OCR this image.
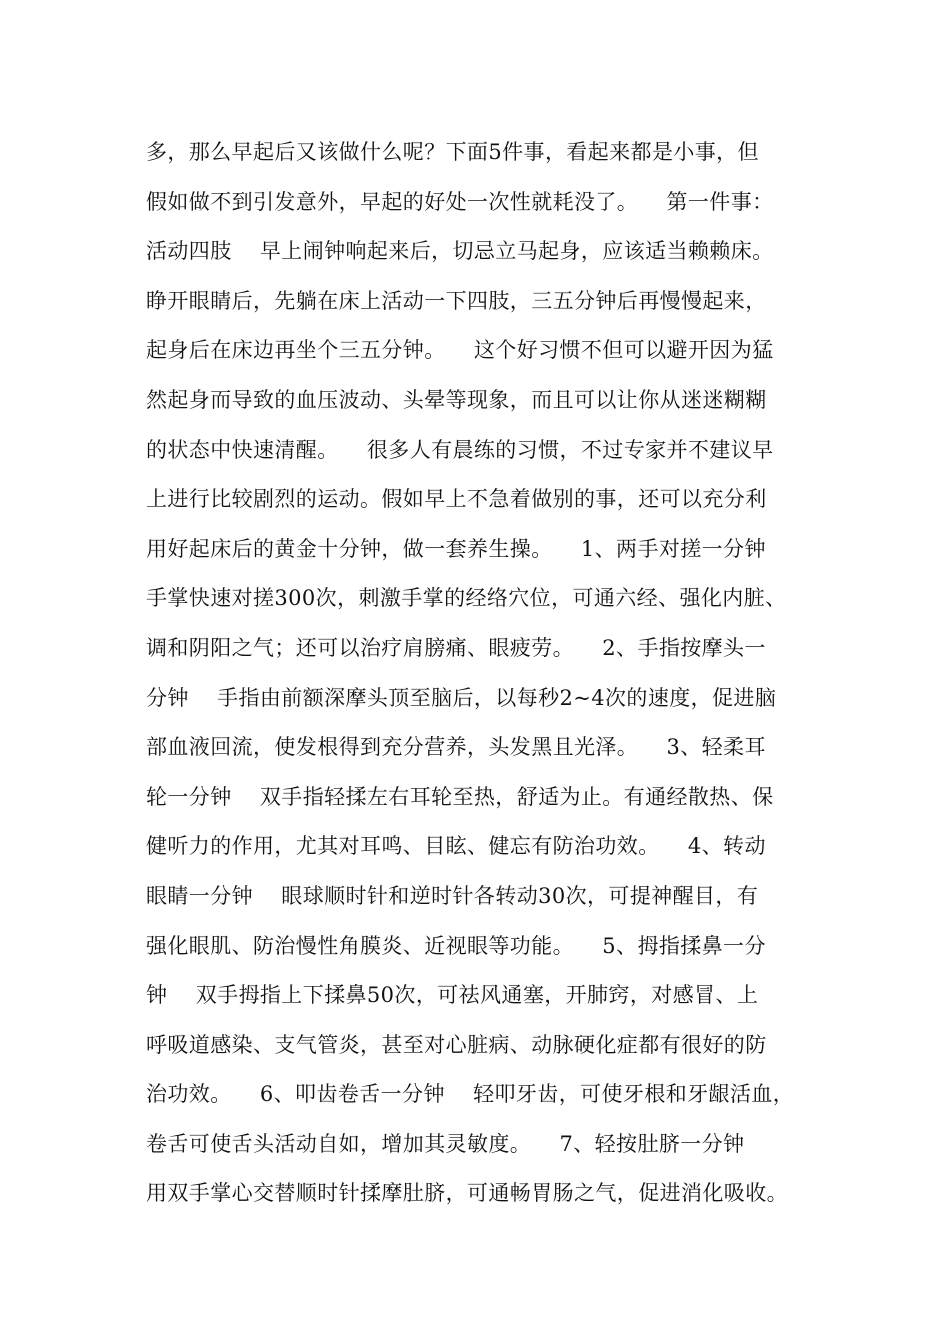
多，那么早起后又该做什么呢？下面5件事，看起来都是小事，但
假如做不到引发意外，早起的好处一次性就耗没了。    第一件事：
活动四肢    早上闹钟响起来后，切忌立马起身，应该适当赖赖床。
睁开眼睛后，先躺在床上活动一下四肢，三五分钟后再慢慢起来，
起身后在床边再坐个三五分钟。    这个好习惯不但可以避开因为猛
然起身而导致的血压波动、头晕等现象，而且可以让你从迷迷糊糊
的状态中快速清醒。    很多人有晨练的习惯，不过专家并不建议早
上进行比较剧烈的运动。假如早上不急着做别的事，还可以充分利
用好起床后的黄金十分钟，做一套养生操。    1、两手对搓一分钟
手掌快速对搓300次，刺激手掌的经络穴位，可通六经、强化内脏、
调和阴阳之气；还可以治疗肩膀痛、眼疲劳。    2、手指按摩头一
分钟    手指由前额深摩头顶至脑后，以每秒2~4次的速度，促进脑
部血液回流，使发根得到充分营养，头发黑且光泽。    3、轻柔耳
轮一分钟    双手指轻揉左右耳轮至热，舒适为止。有通经散热、保
健听力的作用，尤其对耳鸣、目眩、健忘有防治功效。    4、转动
眼睛一分钟    眼球顺时针和逆时针各转动30次，可提神醒目，有
强化眼肌、防治慢性角膜炎、近视眼等功能。    5、拇指揉鼻一分
钟    双手拇指上下揉鼻50次，可祛风通塞，开肺窍，对感冒、上
呼吸道感染、支气管炎，甚至对心脏病、动脉硬化症都有很好的防
治功效。    6、叩齿卷舌一分钟    轻叩牙齿，可使牙根和牙龈活血，
卷舌可使舌头活动自如，增加其灵敏度。    7、轻按肚脐一分钟
用双手掌心交替顺时针揉摩肚脐，可通畅胃肠之气，促进消化吸收。
